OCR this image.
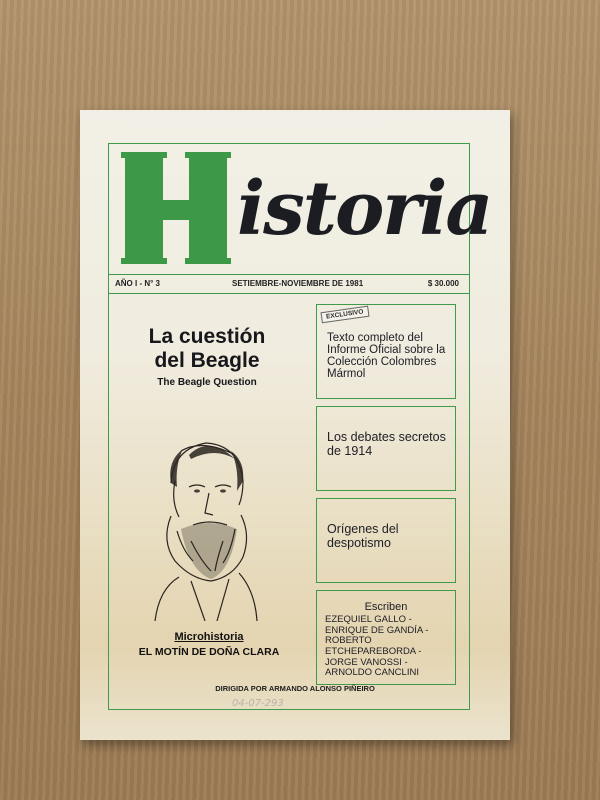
istoria
AÑO I - N° 3	SETIEMBRE-NOVIEMBRE DE 1981	$ 30.000
La cuestión
del Beagle
The Beagle Question
Microhistoria
EL MOTÍN DE DOÑA CLARA
EXCLUSIVO
Texto completo del Informe Oficial sobre la Colección Colombres Mármol
Los debates secretos de 1914
Orígenes del despotismo
Escriben
EZEQUIEL GALLO - ENRIQUE DE GANDÍA - ROBERTO ETCHEPAREBORDA - JORGE VANOSSI - ARNOLDO CANCLINI
DIRIGIDA POR ARMANDO ALONSO PIÑEIRO
04-07-293
